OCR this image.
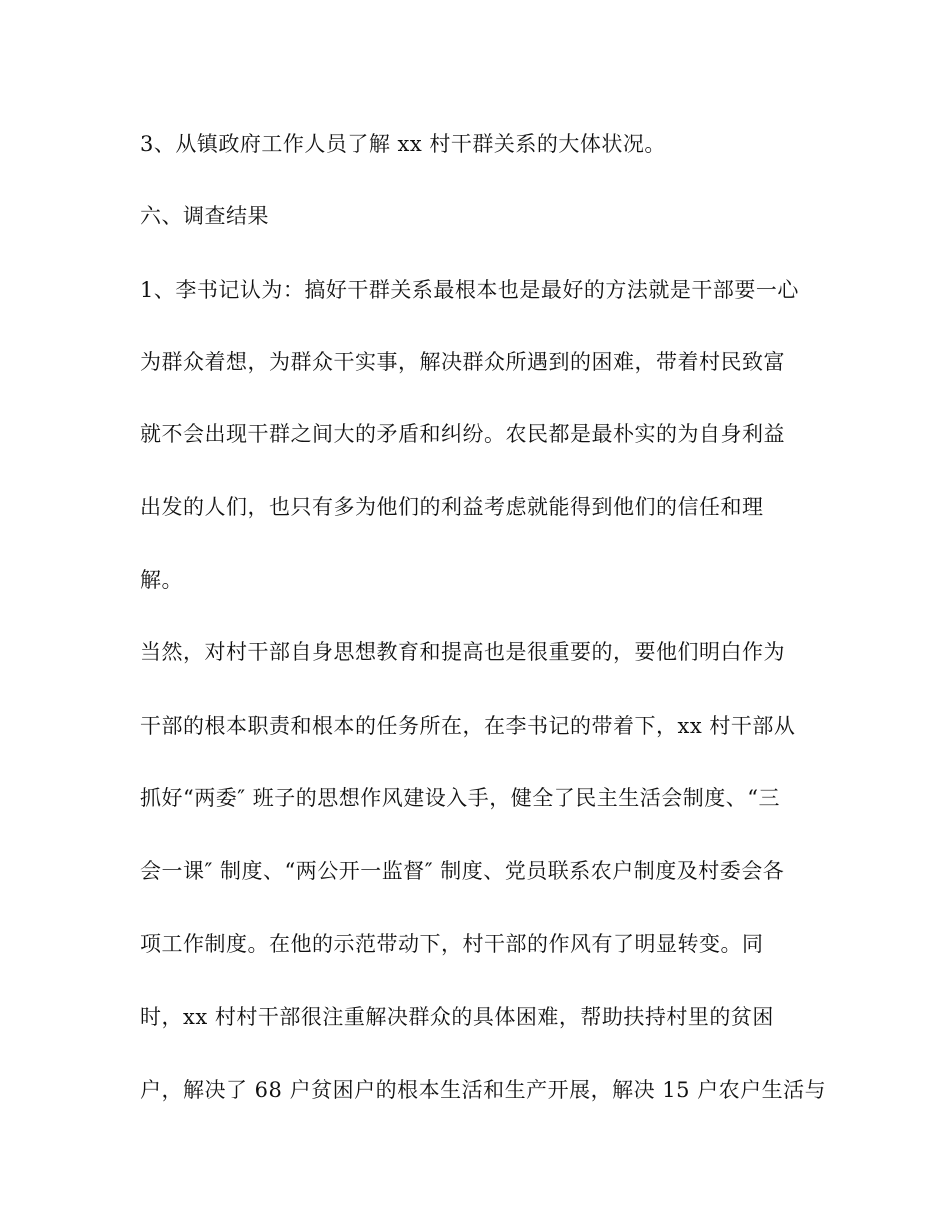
3、从镇政府工作人员了解 xx 村干群关系的大体状况。
六、调查结果
1、李书记认为：搞好干群关系最根本也是最好的方法就是干部要一心
为群众着想，为群众干实事，解决群众所遇到的困难，带着村民致富
就不会出现干群之间大的矛盾和纠纷。农民都是最朴实的为自身利益
出发的人们，也只有多为他们的利益考虑就能得到他们的信任和理
解。
当然，对村干部自身思想教育和提高也是很重要的，要他们明白作为
干部的根本职责和根本的任务所在，在李书记的带着下，xx 村干部从
抓好“两委″ 班子的思想作风建设入手，健全了民主生活会制度、“三
会一课″ 制度、“两公开一监督″ 制度、党员联系农户制度及村委会各
项工作制度。在他的示范带动下，村干部的作风有了明显转变。同
时，xx 村村干部很注重解决群众的具体困难，帮助扶持村里的贫困
户，解决了 68 户贫困户的根本生活和生产开展，解决 15 户农户生活与
